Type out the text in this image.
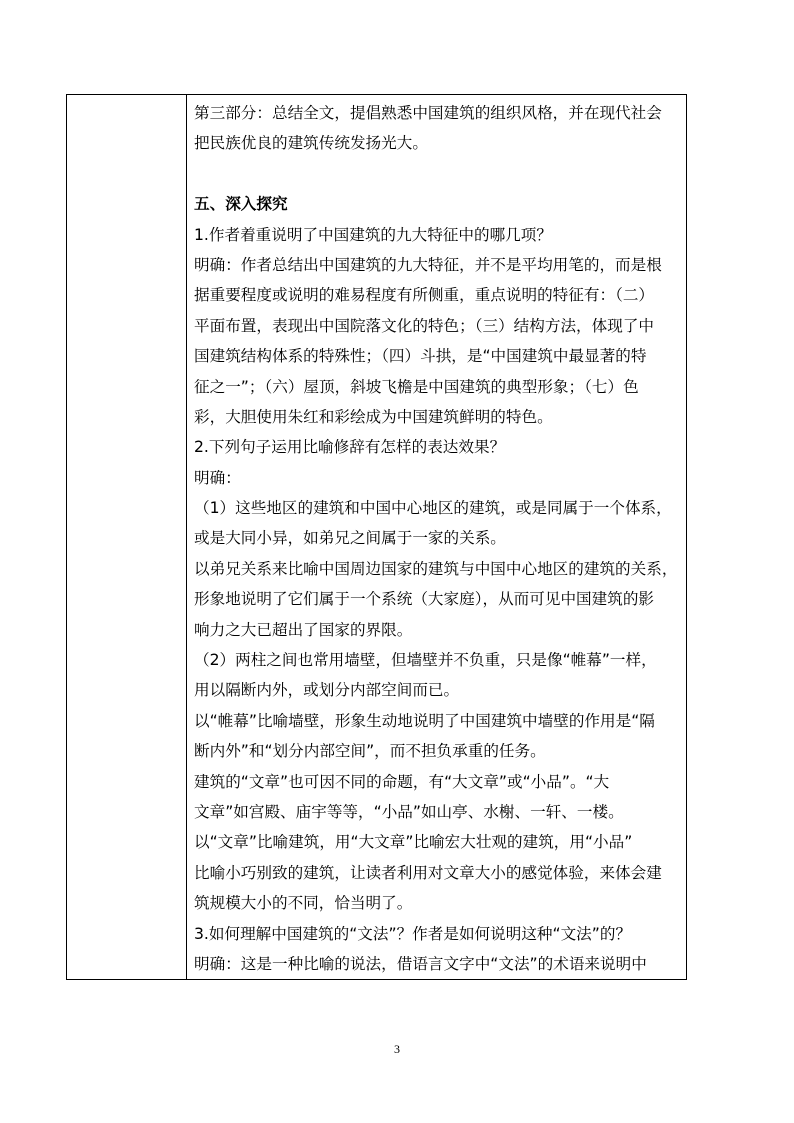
第三部分：总结全文，提倡熟悉中国建筑的组织风格，并在现代社会
把民族优良的建筑传统发扬光大。
五、深入探究
1.作者着重说明了中国建筑的九大特征中的哪几项？
明确：作者总结出中国建筑的九大特征，并不是平均用笔的，而是根
据重要程度或说明的难易程度有所侧重，重点说明的特征有：（二）
平面布置，表现出中国院落文化的特色；（三）结构方法，体现了中
国建筑结构体系的特殊性；（四）斗拱，是“中国建筑中最显著的特
征之一”；（六）屋顶，斜坡飞檐是中国建筑的典型形象；（七）色
彩，大胆使用朱红和彩绘成为中国建筑鲜明的特色。
2.下列句子运用比喻修辞有怎样的表达效果？
明确：
（1）这些地区的建筑和中国中心地区的建筑，或是同属于一个体系，
或是大同小异，如弟兄之间属于一家的关系。
以弟兄关系来比喻中国周边国家的建筑与中国中心地区的建筑的关系，
形象地说明了它们属于一个系统（大家庭），从而可见中国建筑的影
响力之大已超出了国家的界限。
（2）两柱之间也常用墙壁，但墙壁并不负重，只是像“帷幕”一样，
用以隔断内外，或划分内部空间而已。
以“帷幕”比喻墙壁，形象生动地说明了中国建筑中墙壁的作用是“隔
断内外”和“划分内部空间”，而不担负承重的任务。
建筑的“文章”也可因不同的命题，有“大文章”或“小品”。“大
文章”如宫殿、庙宇等等，“小品”如山亭、水榭、一轩、一楼。
以“文章”比喻建筑，用“大文章”比喻宏大壮观的建筑，用“小品”
比喻小巧别致的建筑，让读者利用对文章大小的感觉体验，来体会建
筑规模大小的不同，恰当明了。
3.如何理解中国建筑的“文法”？作者是如何说明这种“文法”的？
明确：这是一种比喻的说法，借语言文字中“文法”的术语来说明中
3
